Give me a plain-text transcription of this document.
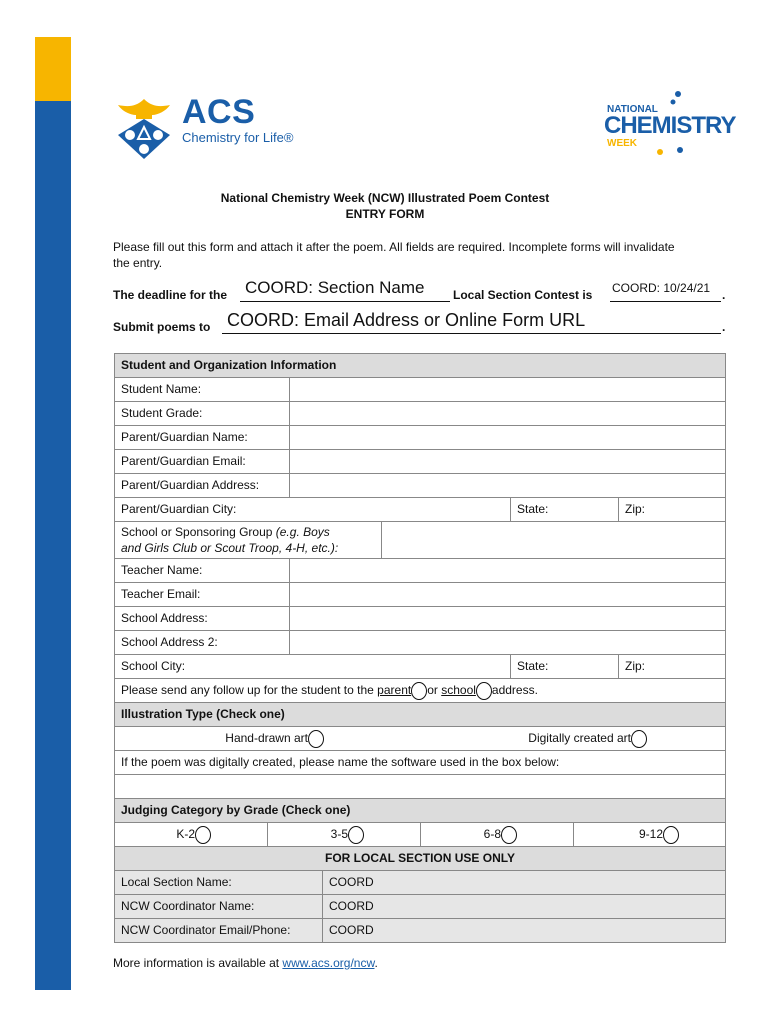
ACS
Chemistry for Life®
NATIONAL
CHEMISTRY
WEEK
National Chemistry Week (NCW) Illustrated Poem Contest
ENTRY FORM
Please fill out this form and attach it after the poem. All fields are required. Incomplete forms will invalidate the entry.
The deadline for the COORD: Section Name Local Section Contest is COORD: 10/24/21 .
Submit poems to COORD: Email Address or Online Form URL	.
Student and Organization Information
Student Name:
Student Grade:
Parent/Guardian Name:
Parent/Guardian Email:
Parent/Guardian Address:
Parent/Guardian City:	State:	Zip:
School or Sponsoring Group (e.g. Boys
and Girls Club or Scout Troop, 4-H, etc.):
Teacher Name:
Teacher Email:
School Address:
School Address 2:
School City:	State:	Zip:
Please send any follow up for the student to the parent or school address.
Illustration Type (Check one)
Hand-drawn art	Digitally created art
If the poem was digitally created, please name the software used in the box below:
Judging Category by Grade (Check one)
K-2	3-5	6-8	9-12
FOR LOCAL SECTION USE ONLY
Local Section Name:	COORD
NCW Coordinator Name:	COORD
NCW Coordinator Email/Phone:	COORD
More information is available at www.acs.org/ncw.
